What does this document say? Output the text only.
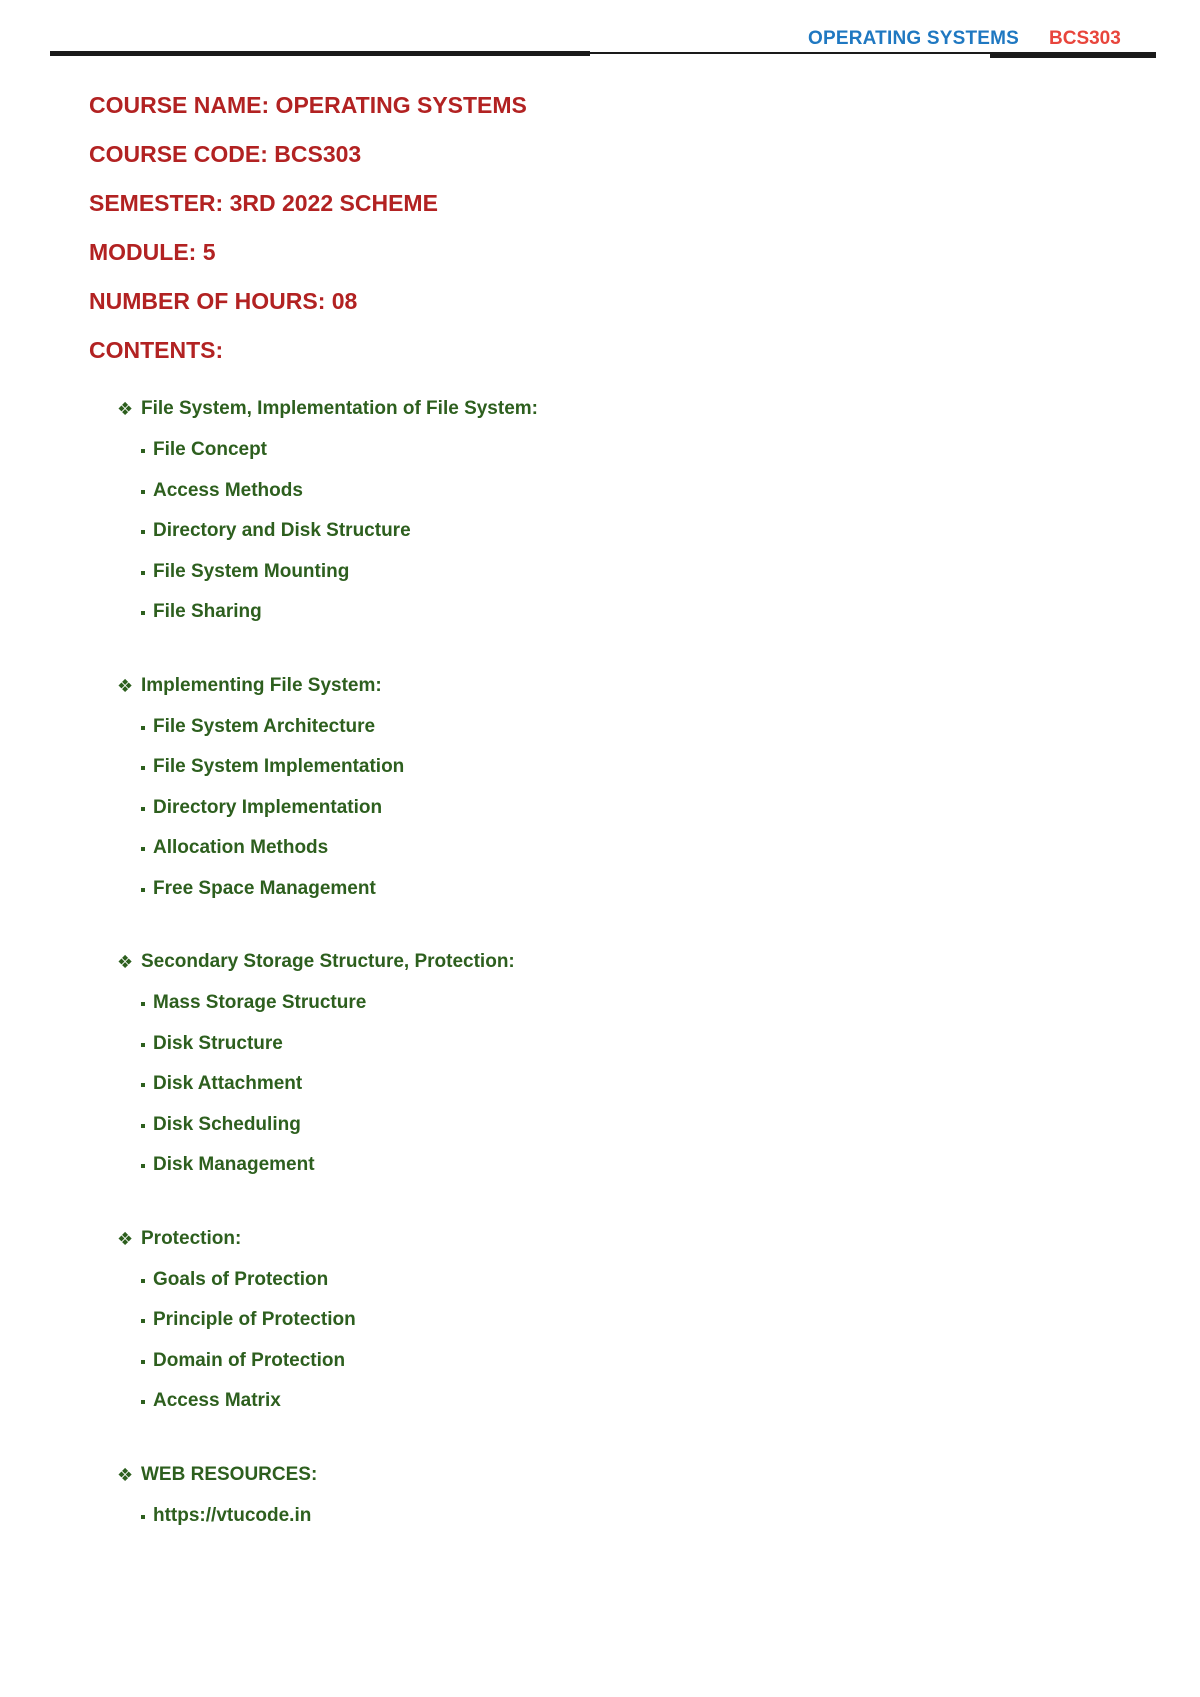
OPERATING SYSTEMS BCS303
COURSE NAME: OPERATING SYSTEMS
COURSE CODE: BCS303
SEMESTER: 3RD 2022 SCHEME
MODULE: 5
NUMBER OF HOURS: 08
CONTENTS:
❖ File System, Implementation of File System:
File Concept
Access Methods
Directory and Disk Structure
File System Mounting
File Sharing
❖ Implementing File System:
File System Architecture
File System Implementation
Directory Implementation
Allocation Methods
Free Space Management
❖ Secondary Storage Structure, Protection:
Mass Storage Structure
Disk Structure
Disk Attachment
Disk Scheduling
Disk Management
❖ Protection:
Goals of Protection
Principle of Protection
Domain of Protection
Access Matrix
❖ WEB RESOURCES:
https://vtucode.in
